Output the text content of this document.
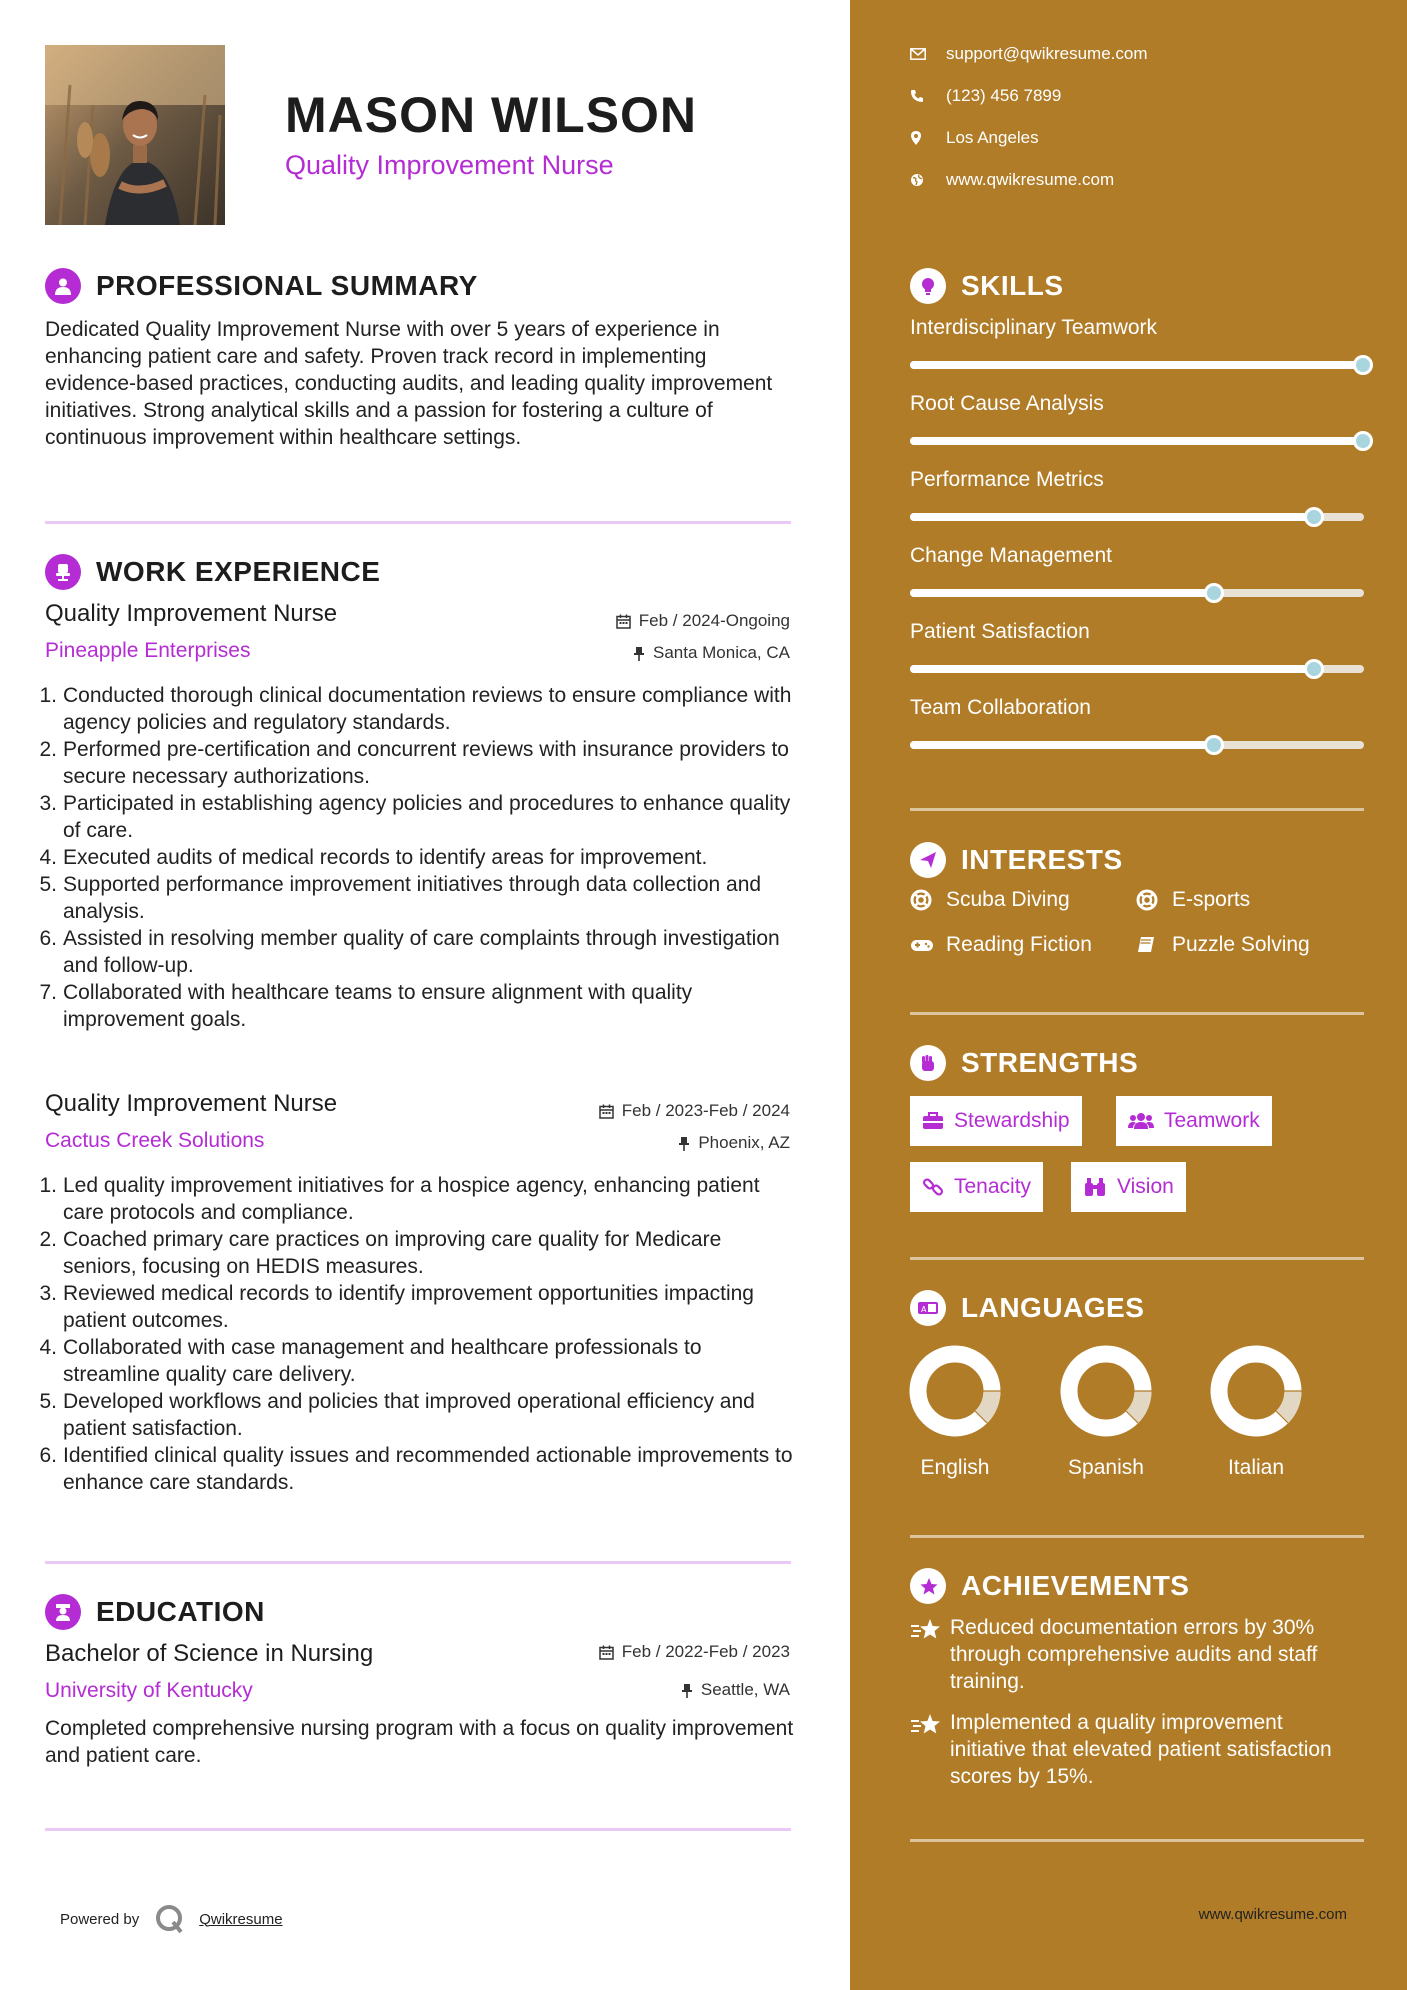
MASON WILSON
Quality Improvement Nurse
PROFESSIONAL SUMMARY
Dedicated Quality Improvement Nurse with over 5 years of experience in enhancing patient care and safety. Proven track record in implementing evidence-based practices, conducting audits, and leading quality improvement initiatives. Strong analytical skills and a passion for fostering a culture of continuous improvement within healthcare settings.
WORK EXPERIENCE
Quality Improvement Nurse	Feb / 2024-Ongoing
Pineapple Enterprises	Santa Monica, CA
1. Conducted thorough clinical documentation reviews to ensure compliance with agency policies and regulatory standards.
2. Performed pre-certification and concurrent reviews with insurance providers to secure necessary authorizations.
3. Participated in establishing agency policies and procedures to enhance quality of care.
4. Executed audits of medical records to identify areas for improvement.
5. Supported performance improvement initiatives through data collection and analysis.
6. Assisted in resolving member quality of care complaints through investigation and follow-up.
7. Collaborated with healthcare teams to ensure alignment with quality improvement goals.
Quality Improvement Nurse	Feb / 2023-Feb / 2024
Cactus Creek Solutions	Phoenix, AZ
1. Led quality improvement initiatives for a hospice agency, enhancing patient care protocols and compliance.
2. Coached primary care practices on improving care quality for Medicare seniors, focusing on HEDIS measures.
3. Reviewed medical records to identify improvement opportunities impacting patient outcomes.
4. Collaborated with case management and healthcare professionals to streamline quality care delivery.
5. Developed workflows and policies that improved operational efficiency and patient satisfaction.
6. Identified clinical quality issues and recommended actionable improvements to enhance care standards.
EDUCATION
Bachelor of Science in Nursing	Feb / 2022-Feb / 2023
University of Kentucky	Seattle, WA
Completed comprehensive nursing program with a focus on quality improvement and patient care.
Powered by	Qwikresume
support@qwikresume.com
(123) 456 7899
Los Angeles
www.qwikresume.com
SKILLS
Interdisciplinary Teamwork
Root Cause Analysis
Performance Metrics
Change Management
Patient Satisfaction
Team Collaboration
INTERESTS
Scuba Diving	E-sports
Reading Fiction	Puzzle Solving
STRENGTHS
Stewardship	Teamwork
Tenacity	Vision
A LANGUAGES
English	Spanish	Italian
ACHIEVEMENTS
Reduced documentation errors by 30% through comprehensive audits and staff training.
Implemented a quality improvement initiative that elevated patient satisfaction scores by 15%.
www.qwikresume.com
